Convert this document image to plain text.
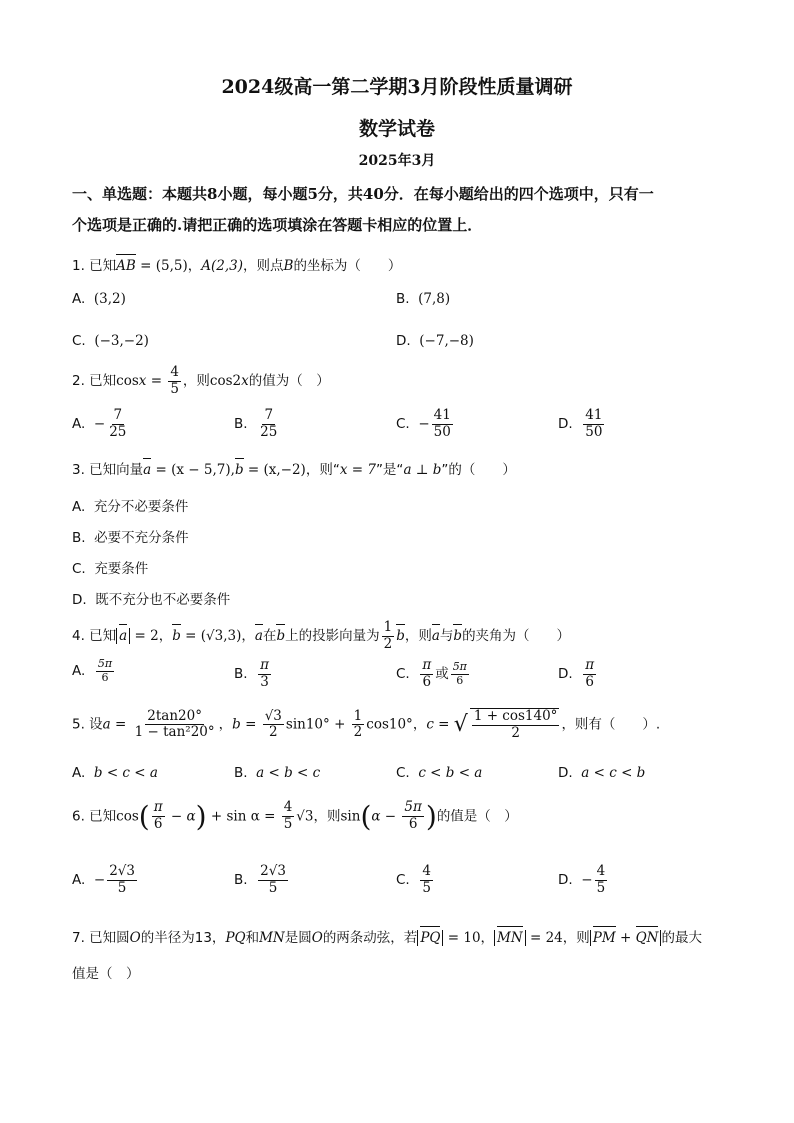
2024级高一第二学期3月阶段性质量调研
数学试卷
2025年3月
一、单选题：本题共8小题，每小题5分，共40分．在每小题给出的四个选项中，只有一
个选项是正确的.请把正确的选项填涂在答题卡相应的位置上．
1. 已知AB = (5,5)，A(2,3)，则点B的坐标为（　　）
A. (3,2)	B. (7,8)
C. (−3,−2)	D. (−7,−8)
2. 已知$\cos x = \frac{4}{5}$ ，则cos2x的值为（　）
A. − $\frac{7}{25}$	B. $\frac{7}{25}$	C. − $\frac{41}{50}$	D. $\frac{41}{50}$
3. 已知向量a = (x − 5,7),b = (x,−2)，则“x = 7”是“a ⊥ b”的（　　）
A. 充分不必要条件
B. 必要不充分条件
C. 充要条件
D. 既不充分也不必要条件
4. 已知 a = 2，b = (√3,3)，a在b上的投影向量为 $\frac{1}{2}$ b，则a与b的夹角为（　　）
A. $\frac{5\pi}{6}$	B. $\frac{\pi}{3}$	C. $\frac{\pi}{6}$ 或 $\frac{5\pi}{6}$	D. $\frac{\pi}{6}$
5. 设$a = \frac{2\tan 20^\circ}{\text{1 − tan²20°}}$ ，$b = \frac{√3}{2} \sin 10^\circ + \frac{1}{2} \cos 10^\circ$，c = √ $\frac{1 + \cos 140^\circ}{2}$ ，则有（　　）.
A. b < c < a	B. a < b < c	C. c < b < a	D. a < c < b
6. 已知$\cos( \frac{\pi}{6} - \alpha) + \sin \alpha = \frac{4}{5} √3$，则$\sin(\alpha - \frac{5\pi}{6}$ )的值是（　）
A. − $\frac{2√3}{5}$	B. $\frac{2√3}{5}$	C. $\frac{4}{5}$	D. − $\frac{4}{5}$
7. 已知圆O的半径为13，PQ和MN是圆O的两条动弦，若 PQ = 10， MN = 24，则 PM + QN 的最大
值是（　）
